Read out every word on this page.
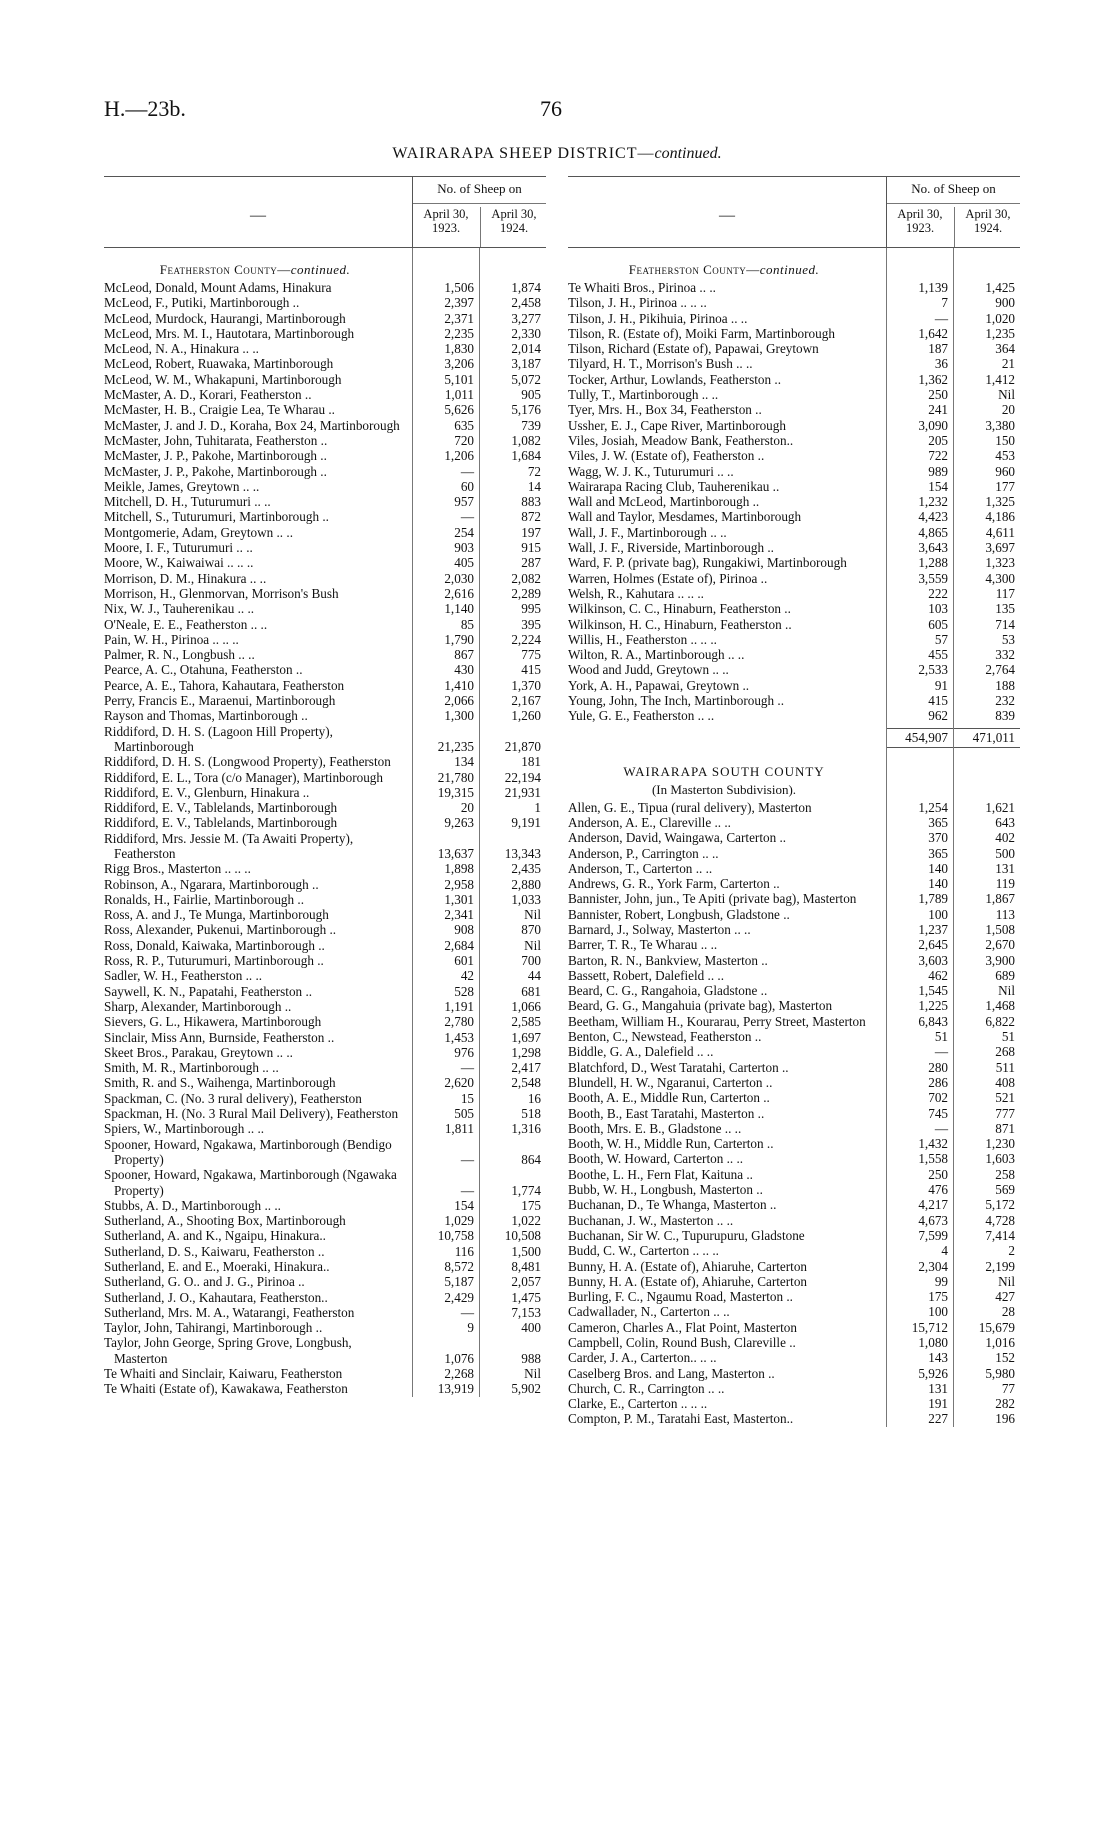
H.—23b.	76
WAIRARAPA SHEEP DISTRICT—continued.
—
No. of Sheep on
April 30, 1923.
April 30, 1924.
Featherston County—continued.
McLeod, Donald, Mount Adams, Hinakura	1,506	1,874
McLeod, F., Putiki, Martinborough ..	2,397	2,458
McLeod, Murdock, Haurangi, Martinborough	2,371	3,277
McLeod, Mrs. M. I., Hautotara, Martinborough	2,235	2,330
McLeod, N. A., Hinakura .. ..	1,830	2,014
McLeod, Robert, Ruawaka, Martinborough	3,206	3,187
McLeod, W. M., Whakapuni, Martinborough	5,101	5,072
McMaster, A. D., Korari, Featherston ..	1,011	905
McMaster, H. B., Craigie Lea, Te Wharau ..	5,626	5,176
McMaster, J. and J. D., Koraha, Box 24, Martinborough	635	739
McMaster, John, Tuhitarata, Featherston ..	720	1,082
McMaster, J. P., Pakohe, Martinborough ..	1,206	1,684
McMaster, J. P., Pakohe, Martinborough ..	—	72
Meikle, James, Greytown .. ..	60	14
Mitchell, D. H., Tuturumuri .. ..	957	883
Mitchell, S., Tuturumuri, Martinborough ..	—	872
Montgomerie, Adam, Greytown .. ..	254	197
Moore, I. F., Tuturumuri .. ..	903	915
Moore, W., Kaiwaiwai .. .. ..	405	287
Morrison, D. M., Hinakura .. ..	2,030	2,082
Morrison, H., Glenmorvan, Morrison's Bush	2,616	2,289
Nix, W. J., Tauherenikau .. ..	1,140	995
O'Neale, E. E., Featherston .. ..	85	395
Pain, W. H., Pirinoa .. .. ..	1,790	2,224
Palmer, R. N., Longbush .. ..	867	775
Pearce, A. C., Otahuna, Featherston ..	430	415
Pearce, A. E., Tahora, Kahautara, Featherston	1,410	1,370
Perry, Francis E., Maraenui, Martinborough	2,066	2,167
Rayson and Thomas, Martinborough ..	1,300	1,260
Riddiford, D. H. S. (Lagoon Hill Property), Martinborough	21,235	21,870
Riddiford, D. H. S. (Longwood Property), Featherston	134	181
Riddiford, E. L., Tora (c/o Manager), Martinborough	21,780	22,194
Riddiford, E. V., Glenburn, Hinakura ..	19,315	21,931
Riddiford, E. V., Tablelands, Martinborough	20	1
Riddiford, E. V., Tablelands, Martinborough	9,263	9,191
Riddiford, Mrs. Jessie M. (Ta Awaiti Property), Featherston	13,637	13,343
Rigg Bros., Masterton .. .. ..	1,898	2,435
Robinson, A., Ngarara, Martinborough ..	2,958	2,880
Ronalds, H., Fairlie, Martinborough ..	1,301	1,033
Ross, A. and J., Te Munga, Martinborough	2,341	Nil
Ross, Alexander, Pukenui, Martinborough ..	908	870
Ross, Donald, Kaiwaka, Martinborough ..	2,684	Nil
Ross, R. P., Tuturumuri, Martinborough ..	601	700
Sadler, W. H., Featherston .. ..	42	44
Saywell, K. N., Papatahi, Featherston ..	528	681
Sharp, Alexander, Martinborough ..	1,191	1,066
Sievers, G. L., Hikawera, Martinborough	2,780	2,585
Sinclair, Miss Ann, Burnside, Featherston ..	1,453	1,697
Skeet Bros., Parakau, Greytown .. ..	976	1,298
Smith, M. R., Martinborough .. ..	—	2,417
Smith, R. and S., Waihenga, Martinborough	2,620	2,548
Spackman, C. (No. 3 rural delivery), Featherston	15	16
Spackman, H. (No. 3 Rural Mail Delivery), Featherston	505	518
Spiers, W., Martinborough .. ..	1,811	1,316
Spooner, Howard, Ngakawa, Martinborough (Bendigo Property)	—	864
Spooner, Howard, Ngakawa, Martinborough (Ngawaka Property)	—	1,774
Stubbs, A. D., Martinborough .. ..	154	175
Sutherland, A., Shooting Box, Martinborough	1,029	1,022
Sutherland, A. and K., Ngaipu, Hinakura..	10,758	10,508
Sutherland, D. S., Kaiwaru, Featherston ..	116	1,500
Sutherland, E. and E., Moeraki, Hinakura..	8,572	8,481
Sutherland, G. O.. and J. G., Pirinoa ..	5,187	2,057
Sutherland, J. O., Kahautara, Featherston..	2,429	1,475
Sutherland, Mrs. M. A., Watarangi, Featherston	—	7,153
Taylor, John, Tahirangi, Martinborough ..	9	400
Taylor, John George, Spring Grove, Longbush, Masterton	1,076	988
Te Whaiti and Sinclair, Kaiwaru, Featherston	2,268	Nil
Te Whaiti (Estate of), Kawakawa, Featherston	13,919	5,902
—
No. of Sheep on
April 30, 1923.
April 30, 1924.
Featherston County—continued.
Te Whaiti Bros., Pirinoa .. ..	1,139	1,425
Tilson, J. H., Pirinoa .. .. ..	7	900
Tilson, J. H., Pikihuia, Pirinoa .. ..	—	1,020
Tilson, R. (Estate of), Moiki Farm, Martinborough	1,642	1,235
Tilson, Richard (Estate of), Papawai, Greytown	187	364
Tilyard, H. T., Morrison's Bush .. ..	36	21
Tocker, Arthur, Lowlands, Featherston ..	1,362	1,412
Tully, T., Martinborough .. ..	250	Nil
Tyer, Mrs. H., Box 34, Featherston ..	241	20
Ussher, E. J., Cape River, Martinborough	3,090	3,380
Viles, Josiah, Meadow Bank, Featherston..	205	150
Viles, J. W. (Estate of), Featherston ..	722	453
Wagg, W. J. K., Tuturumuri .. ..	989	960
Wairarapa Racing Club, Tauherenikau ..	154	177
Wall and McLeod, Martinborough ..	1,232	1,325
Wall and Taylor, Mesdames, Martinborough	4,423	4,186
Wall, J. F., Martinborough .. ..	4,865	4,611
Wall, J. F., Riverside, Martinborough ..	3,643	3,697
Ward, F. P. (private bag), Rungakiwi, Martinborough	1,288	1,323
Warren, Holmes (Estate of), Pirinoa ..	3,559	4,300
Welsh, R., Kahutara .. .. ..	222	117
Wilkinson, C. C., Hinaburn, Featherston ..	103	135
Wilkinson, H. C., Hinaburn, Featherston ..	605	714
Willis, H., Featherston .. .. ..	57	53
Wilton, R. A., Martinborough .. ..	455	332
Wood and Judd, Greytown .. ..	2,533	2,764
York, A. H., Papawai, Greytown ..	91	188
Young, John, The Inch, Martinborough ..	415	232
Yule, G. E., Featherston .. ..	962	839
454,907	471,011
WAIRARAPA SOUTH COUNTY
(In Masterton Subdivision).
Allen, G. E., Tipua (rural delivery), Masterton	1,254	1,621
Anderson, A. E., Clareville .. ..	365	643
Anderson, David, Waingawa, Carterton ..	370	402
Anderson, P., Carrington .. ..	365	500
Anderson, T., Carterton .. ..	140	131
Andrews, G. R., York Farm, Carterton ..	140	119
Bannister, John, jun., Te Apiti (private bag), Masterton	1,789	1,867
Bannister, Robert, Longbush, Gladstone ..	100	113
Barnard, J., Solway, Masterton .. ..	1,237	1,508
Barrer, T. R., Te Wharau .. ..	2,645	2,670
Barton, R. N., Bankview, Masterton ..	3,603	3,900
Bassett, Robert, Dalefield .. ..	462	689
Beard, C. G., Rangahoia, Gladstone ..	1,545	Nil
Beard, G. G., Mangahuia (private bag), Masterton	1,225	1,468
Beetham, William H., Kourarau, Perry Street, Masterton	6,843	6,822
Benton, C., Newstead, Featherston ..	51	51
Biddle, G. A., Dalefield .. ..	—	268
Blatchford, D., West Taratahi, Carterton ..	280	511
Blundell, H. W., Ngaranui, Carterton ..	286	408
Booth, A. E., Middle Run, Carterton ..	702	521
Booth, B., East Taratahi, Masterton ..	745	777
Booth, Mrs. E. B., Gladstone .. ..	—	871
Booth, W. H., Middle Run, Carterton ..	1,432	1,230
Booth, W. Howard, Carterton .. ..	1,558	1,603
Boothe, L. H., Fern Flat, Kaituna ..	250	258
Bubb, W. H., Longbush, Masterton ..	476	569
Buchanan, D., Te Whanga, Masterton ..	4,217	5,172
Buchanan, J. W., Masterton .. ..	4,673	4,728
Buchanan, Sir W. C., Tupurupuru, Gladstone	7,599	7,414
Budd, C. W., Carterton .. .. ..	4	2
Bunny, H. A. (Estate of), Ahiaruhe, Carterton	2,304	2,199
Bunny, H. A. (Estate of), Ahiaruhe, Carterton	99	Nil
Burling, F. C., Ngaumu Road, Masterton ..	175	427
Cadwallader, N., Carterton .. ..	100	28
Cameron, Charles A., Flat Point, Masterton	15,712	15,679
Campbell, Colin, Round Bush, Clareville ..	1,080	1,016
Carder, J. A., Carterton.. .. ..	143	152
Caselberg Bros. and Lang, Masterton ..	5,926	5,980
Church, C. R., Carrington .. ..	131	77
Clarke, E., Carterton .. .. ..	191	282
Compton, P. M., Taratahi East, Masterton..	227	196
